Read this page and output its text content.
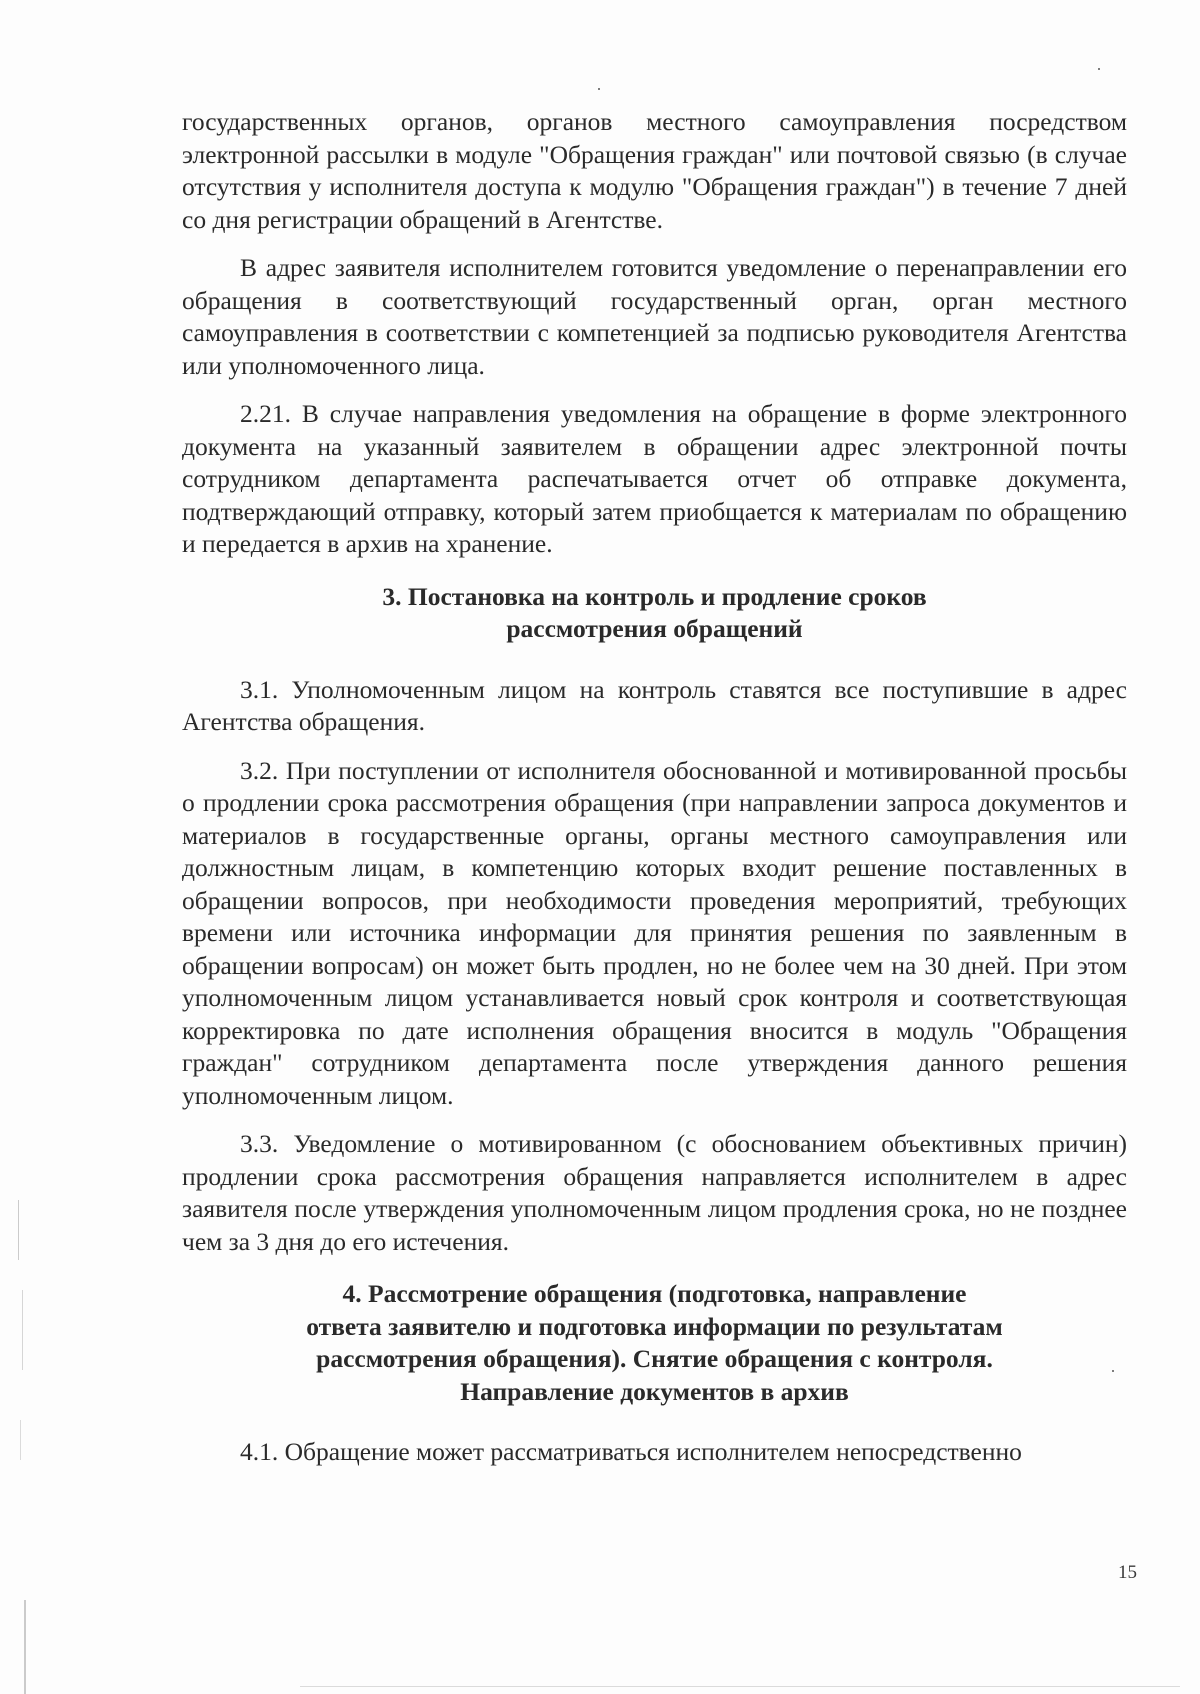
государственных органов, органов местного самоуправления посредством электронной рассылки в модуле "Обращения граждан" или почтовой связью (в случае отсутствия у исполнителя доступа к модулю "Обращения граждан") в течение 7 дней со дня регистрации обращений в Агентстве.

В адрес заявителя исполнителем готовится уведомление о перенаправлении его обращения в соответствующий государственный орган, орган местного самоуправления в соответствии с компетенцией за подписью руководителя Агентства или уполномоченного лица.

2.21. В случае направления уведомления на обращение в форме электронного документа на указанный заявителем в обращении адрес электронной почты сотрудником департамента распечатывается отчет об отправке документа, подтверждающий отправку, который затем приобщается к материалам по обращению и передается в архив на хранение.

3. Постановка на контроль и продление сроков
рассмотрения обращений

3.1. Уполномоченным лицом на контроль ставятся все поступившие в адрес Агентства обращения.

3.2. При поступлении от исполнителя обоснованной и мотивированной просьбы о продлении срока рассмотрения обращения (при направлении запроса документов и материалов в государственные органы, органы местного самоуправления или должностным лицам, в компетенцию которых входит решение поставленных в обращении вопросов, при необходимости проведения мероприятий, требующих времени или источника информации для принятия решения по заявленным в обращении вопросам) он может быть продлен, но не более чем на 30 дней. При этом уполномоченным лицом устанавливается новый срок контроля и соответствующая корректировка по дате исполнения обращения вносится в модуль "Обращения граждан" сотрудником департамента после утверждения данного решения уполномоченным лицом.

3.3. Уведомление о мотивированном (с обоснованием объективных причин) продлении срока рассмотрения обращения направляется исполнителем в адрес заявителя после утверждения уполномоченным лицом продления срока, но не позднее чем за 3 дня до его истечения.

4. Рассмотрение обращения (подготовка, направление
ответа заявителю и подготовка информации по результатам
рассмотрения обращения). Снятие обращения с контроля.
Направление документов в архив

4.1. Обращение может рассматриваться исполнителем непосредственно

15
